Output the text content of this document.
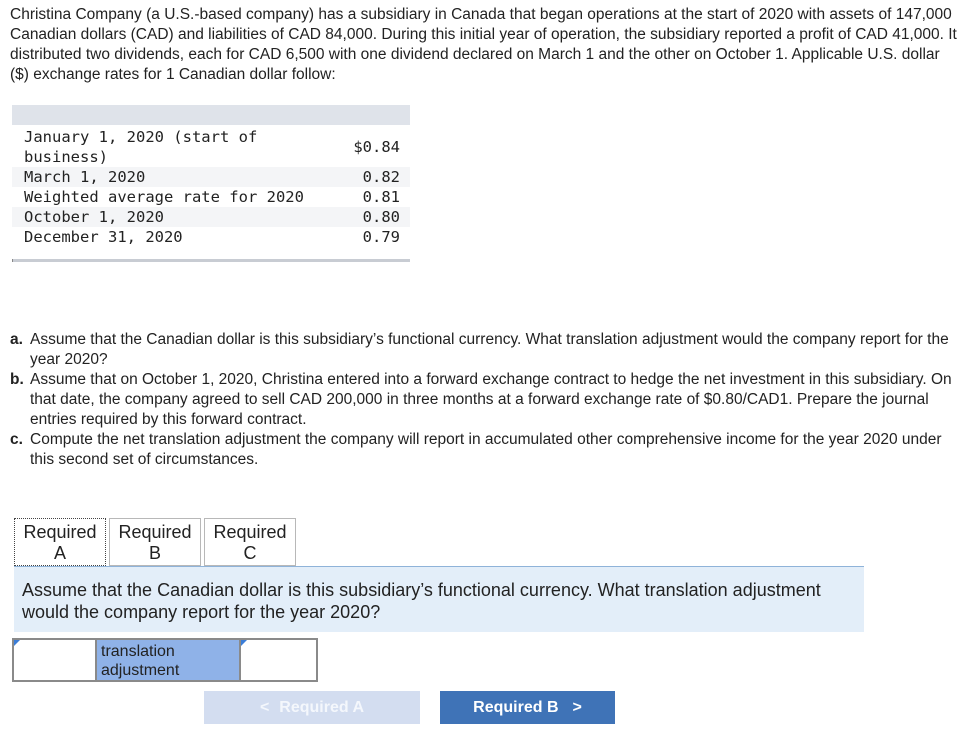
Christina Company (a U.S.-based company) has a subsidiary in Canada that began operations at the start of 2020 with assets of 147,000 Canadian dollars (CAD) and liabilities of CAD 84,000. During this initial year of operation, the subsidiary reported a profit of CAD 41,000. It distributed two dividends, each for CAD 6,500 with one dividend declared on March 1 and the other on October 1. Applicable U.S. dollar ($) exchange rates for 1 Canadian dollar follow:

January 1, 2020 (start of business)	$0.84
March 1, 2020	0.82
Weighted average rate for 2020	0.81
October 1, 2020	0.80
December 31, 2020	0.79
a. Assume that the Canadian dollar is this subsidiary’s functional currency. What translation adjustment would the company report for the year 2020?
b. Assume that on October 1, 2020, Christina entered into a forward exchange contract to hedge the net investment in this subsidiary. On that date, the company agreed to sell CAD 200,000 in three months at a forward exchange rate of $0.80/CAD1. Prepare the journal entries required by this forward contract.
c. Compute the net translation adjustment the company will report in accumulated other comprehensive income for the year 2020 under this second set of circumstances.
Required
A
Required
B
Required
C
Assume that the Canadian dollar is this subsidiary’s functional currency. What translation adjustment would the company report for the year 2020?
translation adjustment
< Required A	Required B >
